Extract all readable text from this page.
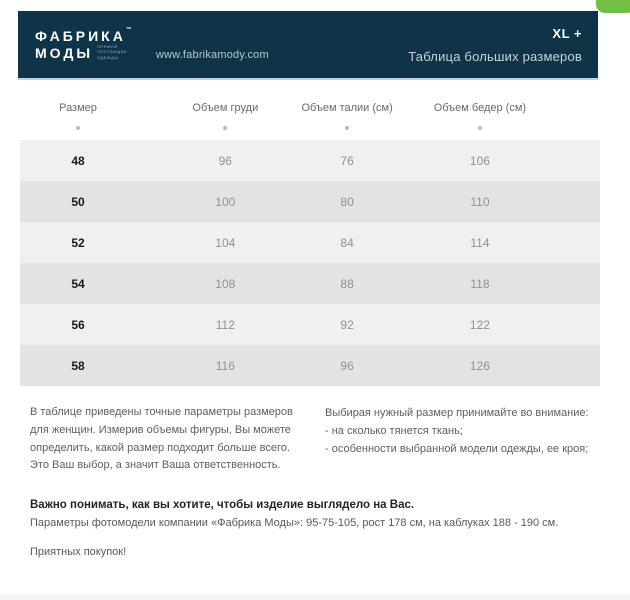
ФАБРИКА™
МОДЫ ПРЯМОЙ
ПОСТАВЩИК
ОДЕЖДЫ	www.fabrikamody.com
XL +
Таблица больших размеров
Размер	Объем груди	Объем талии (см)	Объем бедер (см)
48	96	76	106
50	100	80	110
52	104	84	114
54	108	88	118
56	112	92	122
58	116	96	126

В таблице приведены точные параметры размеров для женщин. Измерив объемы фигуры, Вы можете определить, какой размер подходит больше всего. Это Ваш выбор, а значит Ваша ответственность.

Выбирая нужный размер принимайте во внимание:
- на сколько тянется ткань;
- особенности выбранной модели одежды, ее кроя;
Важно понимать, как вы хотите, чтобы изделие выглядело на Вас.
Параметры фотомодели компании «Фабрика Моды»: 95-75-105, рост 178 см, на каблуках 188 - 190 см.
Приятных покупок!
